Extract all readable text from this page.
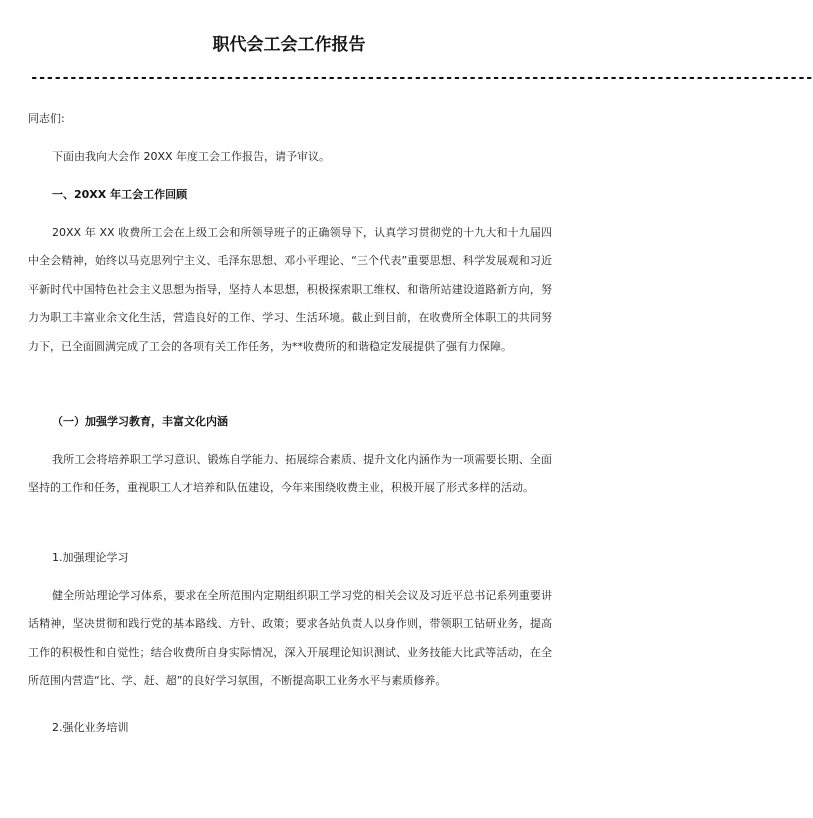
职代会工会工作报告
----------------------------------------------------------------------------------------------------
同志们:
下面由我向大会作 20XX 年度工会工作报告，请予审议。
一、20XX 年工会工作回顾
20XX 年 XX 收费所工会在上级工会和所领导班子的正确领导下，认真学习贯彻党的十九大和十九届四中全会精神，始终以马克思列宁主义、毛泽东思想、邓小平理论、“三个代表”重要思想、科学发展观和习近平新时代中国特色社会主义思想为指导，坚持人本思想，积极探索职工维权、和谐所站建设道路新方向，努力为职工丰富业余文化生活，营造良好的工作、学习、生活环境。截止到目前，在收费所全体职工的共同努力下，已全面圆满完成了工会的各项有关工作任务，为**收费所的和谐稳定发展提供了强有力保障。
（一）加强学习教育，丰富文化内涵
我所工会将培养职工学习意识、锻炼自学能力、拓展综合素质、提升文化内涵作为一项需要长期、全面坚持的工作和任务，重视职工人才培养和队伍建设，今年来围绕收费主业，积极开展了形式多样的活动。
1.加强理论学习
健全所站理论学习体系，要求在全所范围内定期组织职工学习党的相关会议及习近平总书记系列重要讲话精神，坚决贯彻和践行党的基本路线、方针、政策；要求各站负责人以身作则，带领职工钻研业务，提高工作的积极性和自觉性；结合收费所自身实际情况，深入开展理论知识测试、业务技能大比武等活动，在全所范围内营造“比、学、赶、超”的良好学习氛围，不断提高职工业务水平与素质修养。
2.强化业务培训
